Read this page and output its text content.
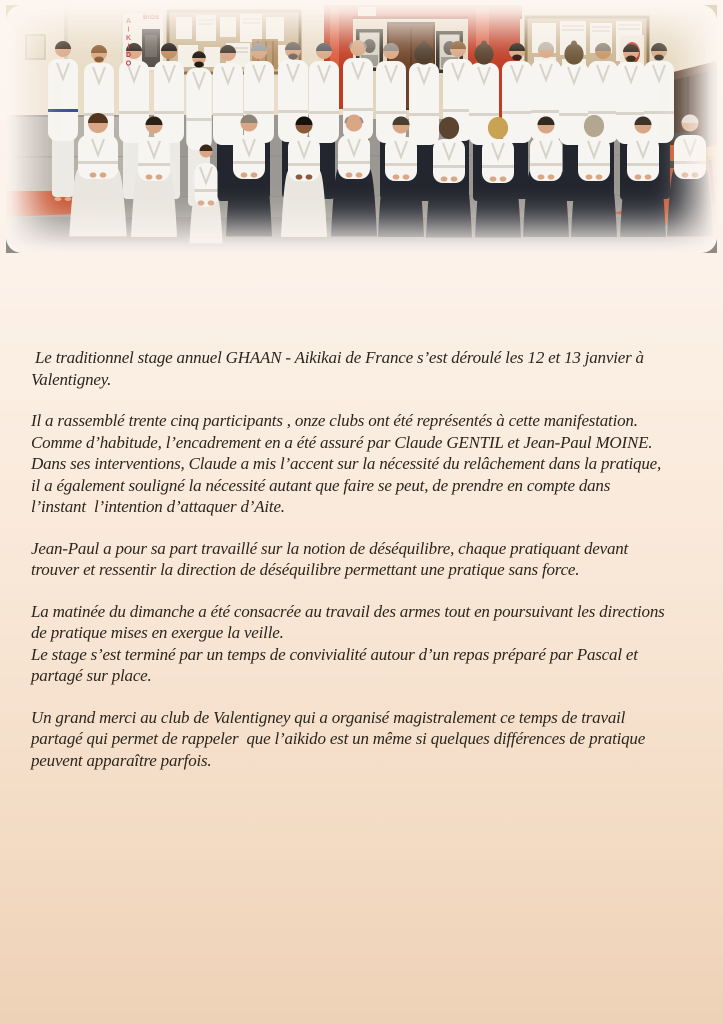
AIKIDO BIOS

Le traditionnel stage annuel GHAAN - Aikikai de France s’est déroulé les 12 et 13 janvier à
Valentigney.

Il a rassemblé trente cinq participants , onze clubs ont été représentés à cette manifestation.
Comme d’habitude, l’encadrement en a été assuré par Claude GENTIL et Jean-Paul MOINE.
Dans ses interventions, Claude a mis l’accent sur la nécessité du relâchement dans la pratique,
il a également souligné la nécessité autant que faire se peut, de prendre en compte dans
l’instant  l’intention d’attaquer d’Aite.

Jean-Paul a pour sa part travaillé sur la notion de déséquilibre, chaque pratiquant devant
trouver et ressentir la direction de déséquilibre permettant une pratique sans force.

La matinée du dimanche a été consacrée au travail des armes tout en poursuivant les directions
de pratique mises en exergue la veille.
Le stage s’est terminé par un temps de convivialité autour d’un repas préparé par Pascal et
partagé sur place.

Un grand merci au club de Valentigney qui a organisé magistralement ce temps de travail
partagé qui permet de rappeler  que l’aikido est un même si quelques différences de pratique
peuvent apparaître parfois.
